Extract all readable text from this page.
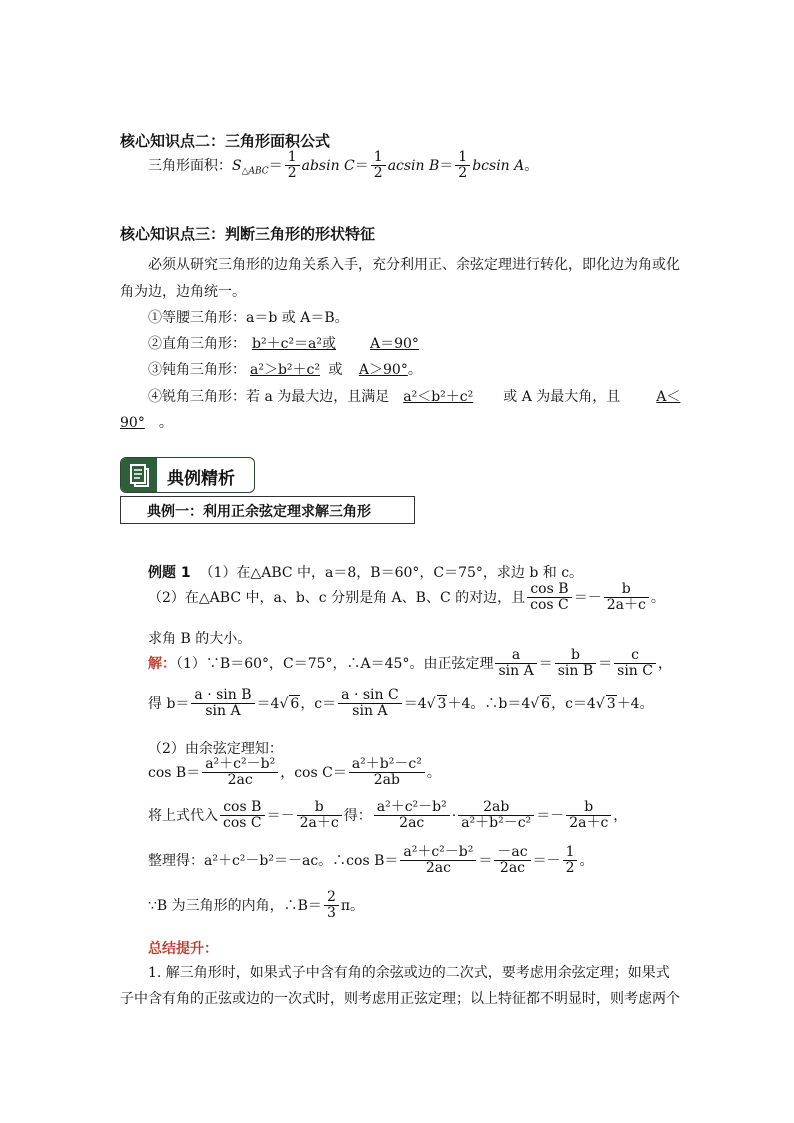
核心知识点二：三角形面积公式
三角形面积：$S_{\triangle ABC}= \frac{1}{2}$ absin $C= \frac{1}{2}$ acsin $B= \frac{1}{2}$ bcsin A。
核心知识点三：判断三角形的形状特征
必须从研究三角形的边角关系入手，充分利用正、余弦定理进行转化，即化边为角或化
角为边，边角统一。
①等腰三角形：a＝b 或 A＝B。
②直角三角形： b²＋c²＝a²或 A＝90°
③钝角三角形： a²＞b²＋c² 或 A＞90°。
④锐角三角形：若 a 为最大边，且满足 a²＜b²＋c² 或 A 为最大角，且	A＜
90° 。
典例精析
典例一：利用正余弦定理求解三角形
例题 1 （1）在△ABC 中，a＝8，B＝60°，C＝75°，求边 b 和 c。
（2）在△ABC 中，a、b、c 分别是角 A、B、C 的对边，且 $\frac{\text{cos B}}{\text{cos C}} =- \frac{b}{2a+c}$ 。
求角 B 的大小。
解：（1）∵B＝60°，C＝75°，∴A＝45°。由正弦定理 $\frac{a}{\text{sin A}} = \frac{b}{\text{sin B}} = \frac{c}{\text{sin C}}$ ，
得 $b= \frac{\text{a · sin B}}{\text{sin A}} =4√$ 6，$c= \frac{\text{a · sin C}}{\text{sin A}} =4√$ 3＋4。∴b＝4√ 6，c＝4√ 3＋4。
（2）由余弦定理知：
$\cos B= \frac{\text{a²＋c²－b²}}{2ac}$ ，$\cos C= \frac{\text{a²＋b²－c²}}{2ab}$ 。
将上式代入 $\frac{\text{cos B}}{\text{cos C}} =- \frac{b}{2a+c}$ 得： $\frac{\text{a²＋c²－b²}}{2ac} \cdot \frac{2ab}{\text{a²＋b²－c²}} =- \frac{b}{2a+c}$ ，
整理得：a²＋c²－b²＝－ac。∴cos $B= \frac{\text{a²＋c²－b²}}{2ac} = \frac{-ac}{2ac} =- \frac{1}{2}$ 。
∵B 为三角形的内角，∴B＝ $\frac{2}{3}$ π。
总结提升：
1. 解三角形时，如果式子中含有角的余弦或边的二次式，要考虑用余弦定理；如果式
子中含有角的正弦或边的一次式时，则考虑用正弦定理；以上特征都不明显时，则考虑两个
